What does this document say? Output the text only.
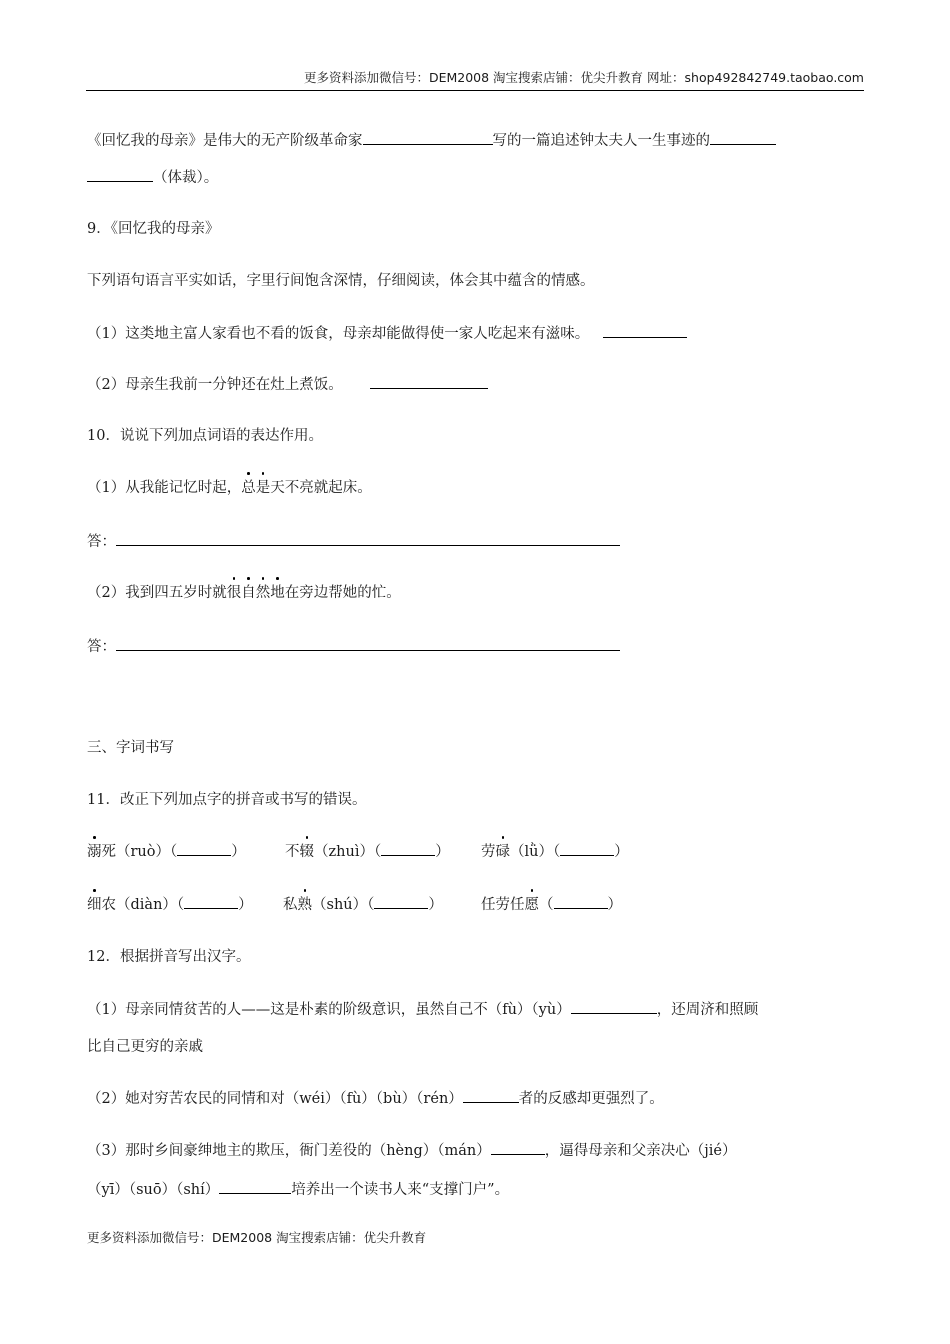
更多资料添加微信号：DEM2008 淘宝搜索店铺：优尖升教育 网址：shop492842749.taobao.com
《回忆我的母亲》是伟大的无产阶级革命家	写的一篇追述钟太夫人一生事迹的
（体裁）。
9．《回忆我的母亲》
下列语句语言平实如话，字里行间饱含深情，仔细阅读，体会其中蕴含的情感。
（1）这类地主富人家看也不看的饭食，母亲却能做得使一家人吃起来有滋味。
（2）母亲生我前一分钟还在灶上煮饭。
10．说说下列加点词语的表达作用。
（1）从我能记忆时起，总是天不亮就起床。
答：
（2）我到四五岁时就很自然地在旁边帮她的忙。
答：
三、字词书写
11．改正下列加点字的拼音或书写的错误。
溺死（ruò）（	）	不辍（zhuì）（	） 劳碌（lǜ）（	）
细农（diàn）（	） 私熟（shú）（	）	任劳任愿（	）
12．根据拼音写出汉字。
（1）母亲同情贫苦的人——这是朴素的阶级意识，虽然自己不（fù）（yù）	，还周济和照顾
比自己更穷的亲戚
（2）她对穷苦农民的同情和对（wéi）（fù）（bù）（rén）	者的反感却更强烈了。
（3）那时乡间豪绅地主的欺压，衙门差役的（hèng）（mán）	，逼得母亲和父亲决心（jié）
（yī）（suō）（shí）	培养出一个读书人来“支撑门户”。
更多资料添加微信号：DEM2008 淘宝搜索店铺：优尖升教育
